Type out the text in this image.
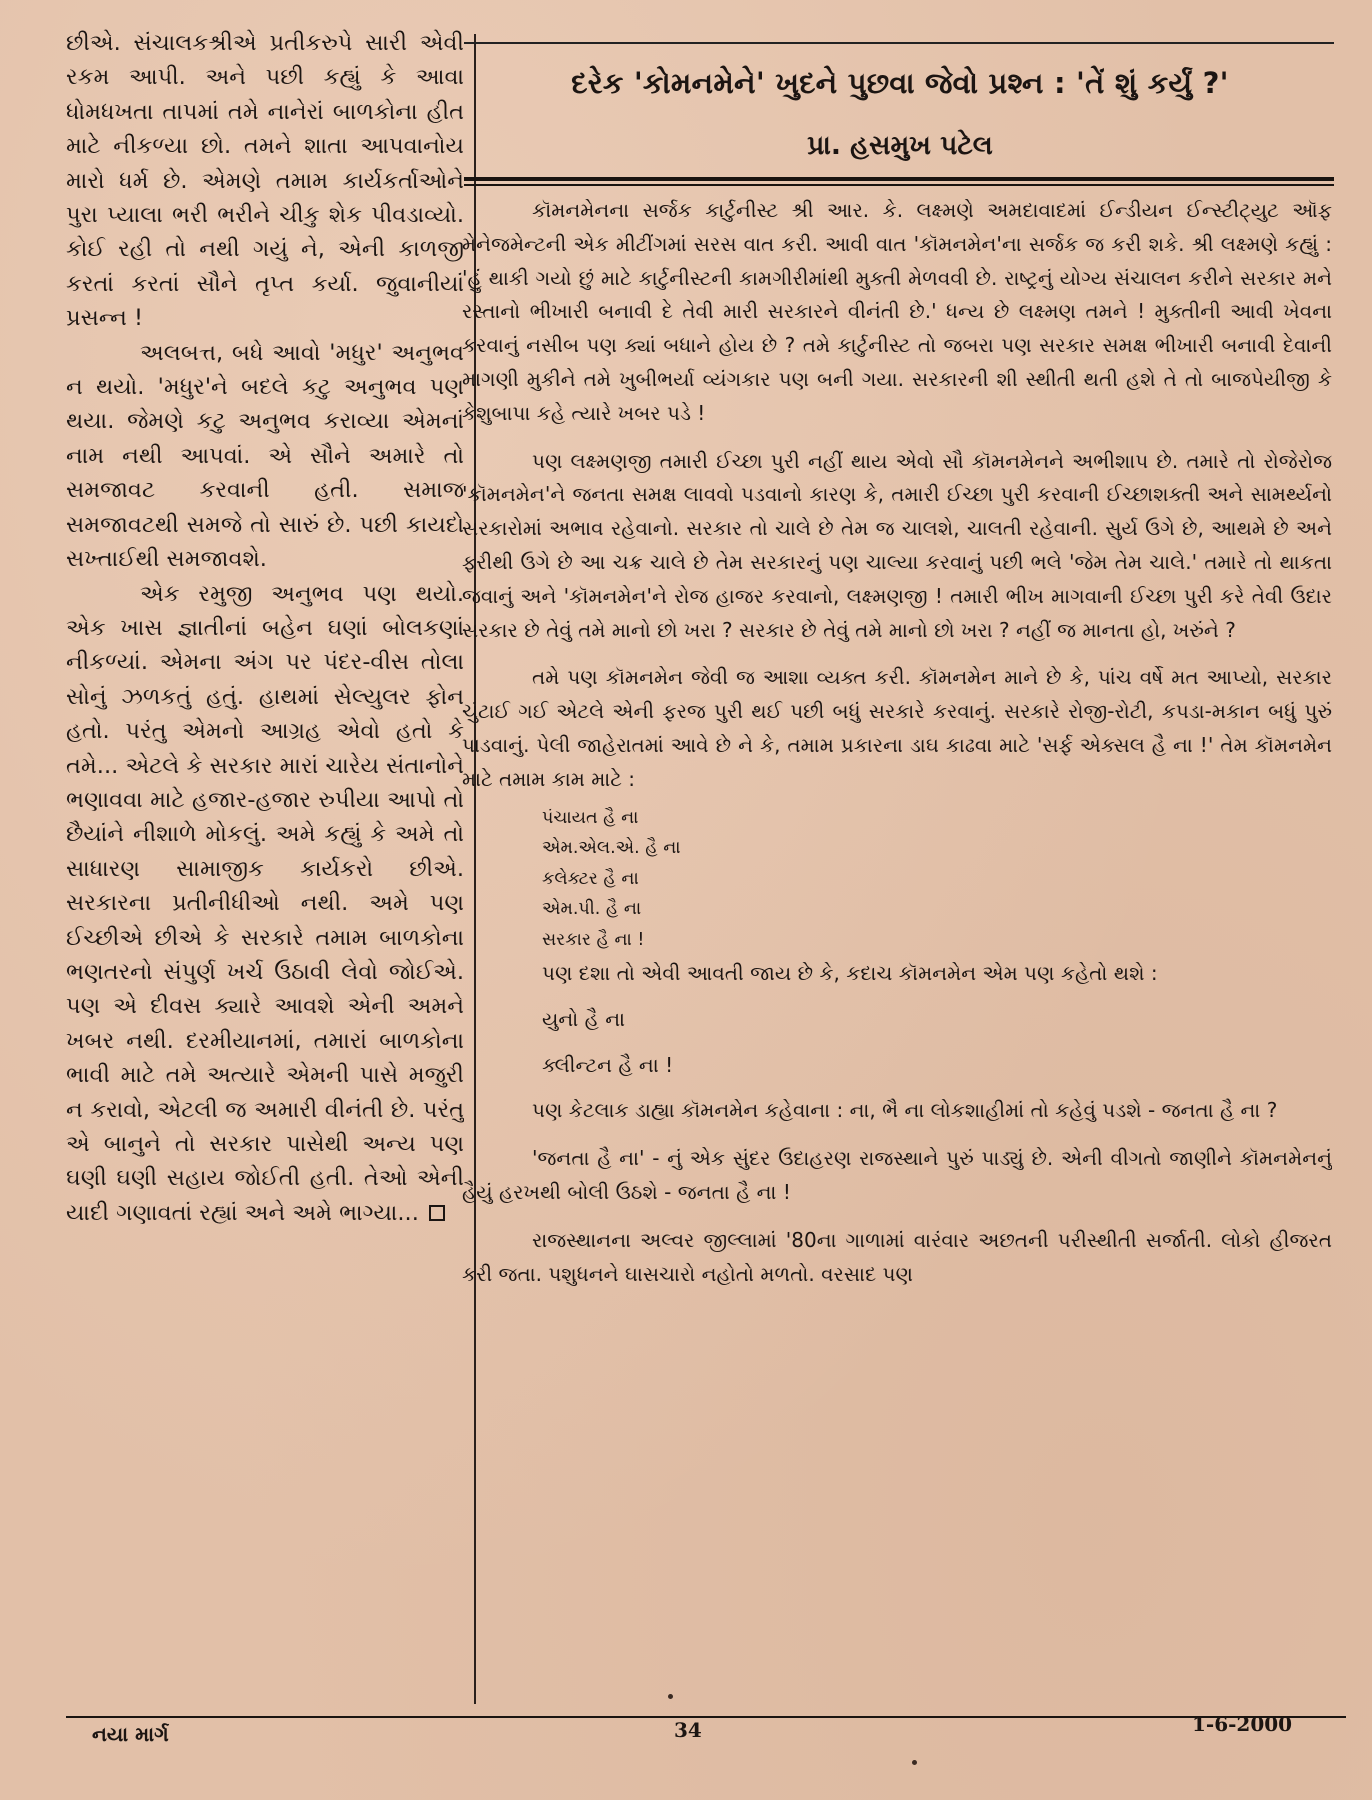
છીએ. સંચાલકશ્રીએ પ્રતીકરુપે સારી એવી રકમ આપી. અને પછી કહ્યું કે આવા ધોમધખતા તાપમાં તમે નાનેરાં બાળકોના હીત માટે નીકળ્યા છો. તમને શાતા આપવાનોય મારો ધર્મ છે. એમણે તમામ કાર્યકર્તાઓને પુરા પ્યાલા ભરી ભરીને ચીકુ શેક પીવડાવ્યો. કોઈ રહી તો નથી ગયું ને, એની કાળજી કરતાં કરતાં સૌને તૃપ્ત કર્યા. જુવાનીયાં પ્રસન્ન !

અલબત્ત, બધે આવો 'મધુર' અનુભવ ન થયો. 'મધુર'ને બદલે કટુ અનુભવ પણ થયા. જેમણે કટુ અનુભવ કરાવ્યા એમનાં નામ નથી આપવાં. એ સૌને અમારે તો સમજાવટ કરવાની હતી. સમાજ સમજાવટથી સમજે તો સારું છે. પછી કાયદો સખ્તાઈથી સમજાવશે.

એક રમુજી અનુભવ પણ થયો. એક ખાસ જ્ઞાતીનાં બહેન ઘણાં બોલકણાં નીકળ્યાં. એમના અંગ પર પંદર-વીસ તોલા સોનું ઝળકતું હતું. હાથમાં સેલ્યુલર ફોન હતો. પરંતુ એમનો આગ્રહ એવો હતો કે તમે... એટલે કે સરકાર મારાં ચારેય સંતાનોને ભણાવવા માટે હજાર-હજાર રુપીયા આપો તો છૈયાંને નીશાળે મોકલું. અમે કહ્યું કે અમે તો સાધારણ સામાજીક કાર્યકરો છીએ. સરકારના પ્રતીનીધીઓ નથી. અમે પણ ઈચ્છીએ છીએ કે સરકારે તમામ બાળકોના ભણતરનો સંપુર્ણ ખર્ચ ઉઠાવી લેવો જોઈએ. પણ એ દીવસ ક્યારે આવશે એની અમને ખબર નથી. દરમીયાનમાં, તમારાં બાળકોના ભાવી માટે તમે અત્યારે એમની પાસે મજુરી ન કરાવો, એટલી જ અમારી વીનંતી છે. પરંતુ એ બાનુને તો સરકાર પાસેથી અન્ય પણ ઘણી ઘણી સહાય જોઈતી હતી. તેઓ એની યાદી ગણાવતાં રહ્યાં અને અમે ભાગ્યા...

દરેક 'કોમનમેને' ખુદને પુછવા જેવો પ્રશ્ન : 'તેં શું કર્યું ?'
પ્રા. હસમુખ પટેલ

કૉમનમેનના સર્જક કાર્ટુનીસ્ટ શ્રી આર. કે. લક્ષ્મણે અમદાવાદમાં ઈન્ડીયન ઈન્સ્ટીટ્યુટ ઑફ મેનેજમેન્ટની એક મીટીંગમાં સરસ વાત કરી. આવી વાત 'કૉમનમેન'ના સર્જક જ કરી શકે. શ્રી લક્ષ્મણે કહ્યું : 'હું થાકી ગયો છું માટે કાર્ટુનીસ્ટની કામગીરીમાંથી મુક્તી મેળવવી છે. રાષ્ટ્રનું યોગ્ય સંચાલન કરીને સરકાર મને રસ્તાનો ભીખારી બનાવી દે તેવી મારી સરકારને વીનંતી છે.' ધન્ય છે લક્ષ્મણ તમને ! મુક્તીની આવી ખેવના કરવાનું નસીબ પણ ક્યાં બધાને હોય છે ? તમે કાર્ટુનીસ્ટ તો જબરા પણ સરકાર સમક્ષ ભીખારી બનાવી દેવાની માગણી મુકીને તમે ખુબીભર્યા વ્યંગકાર પણ બની ગયા. સરકારની શી સ્થીતી થતી હશે તે તો બાજપેયીજી કે કેશુબાપા કહે ત્યારે ખબર પડે !

પણ લક્ષ્મણજી તમારી ઈચ્છા પુરી નહીં થાય એવો સૌ કૉમનમેનને અભીશાપ છે. તમારે તો રોજેરોજ 'કૉમનમેન'ને જનતા સમક્ષ લાવવો પડવાનો કારણ કે, તમારી ઈચ્છા પુરી કરવાની ઈચ્છાશક્તી અને સામર્થ્યનો સરકારોમાં અભાવ રહેવાનો. સરકાર તો ચાલે છે તેમ જ ચાલશે, ચાલતી રહેવાની. સુર્ય ઉગે છે, આથમે છે અને ફરીથી ઉગે છે આ ચક્ર ચાલે છે તેમ સરકારનું પણ ચાલ્યા કરવાનું પછી ભલે 'જેમ તેમ ચાલે.' તમારે તો થાકતા જવાનું અને 'કૉમનમેન'ને રોજ હાજર કરવાનો, લક્ષ્મણજી ! તમારી ભીખ માગવાની ઈચ્છા પુરી કરે તેવી ઉદાર સરકાર છે તેવું તમે માનો છો ખરા ? સરકાર છે તેવું તમે માનો છો ખરા ? નહીં જ માનતા હો, ખરુંને ?

તમે પણ કૉમનમેન જેવી જ આશા વ્યક્ત કરી. કૉમનમેન માને છે કે, પાંચ વર્ષે મત આપ્યો, સરકાર ચુંટાઈ ગઈ એટલે એની ફરજ પુરી થઈ પછી બધું સરકારે કરવાનું. સરકારે રોજી-રોટી, કપડા-મકાન બધું પુરું પાડવાનું. પેલી જાહેરાતમાં આવે છે ને કે, તમામ પ્રકારના ડાઘ કાઢવા માટે 'સર્ફ એક્સલ હૈ ના !' તેમ કૉમનમેન માટે તમામ કામ માટે :

પંચાયત હૈ ના
એમ.એલ.એ. હૈ ના
કલેક્ટર હૈ ના
એમ.પી. હૈ ના
સરકાર હૈ ના !

પણ દશા તો એવી આવતી જાય છે કે, કદાચ કૉમનમેન એમ પણ કહેતો થશે :

યુનો હૈ ના

ક્લીન્ટન હૈ ના !

પણ કેટલાક ડાહ્યા કૉમનમેન કહેવાના : ના, ભૈ ના લોકશાહીમાં તો કહેવું પડશે - જનતા હૈ ના ?

'જનતા હૈ ના' - નું એક સુંદર ઉદાહરણ રાજસ્થાને પુરું પાડ્યું છે. એની વીગતો જાણીને કૉમનમેનનું હૈયું હરખથી બોલી ઉઠશે - જનતા હૈ ના !

રાજસ્થાનના અલ્વર જીલ્લામાં '80ના ગાળામાં વારંવાર અછતની પરીસ્થીતી સર્જાતી. લોકો હીજરત કરી જતા. પશુધનને ઘાસચારો નહોતો મળતો. વરસાદ પણ

નયા માર્ગ	34	1-6-2000
